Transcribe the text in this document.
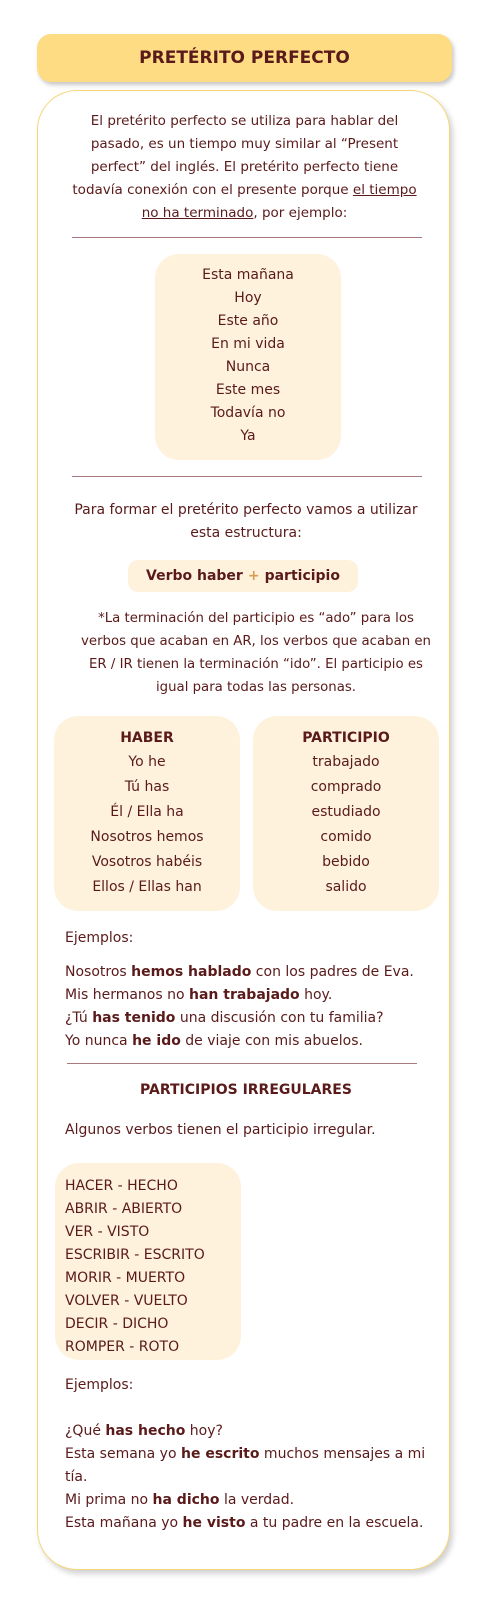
PRETÉRITO PERFECTO
El pretérito perfecto se utiliza para hablar del pasado, es un tiempo muy similar al “Present perfect” del inglés. El pretérito perfecto tiene todavía conexión con el presente porque el tiempo no ha terminado, por ejemplo:
Esta mañana
Hoy
Este año
En mi vida
Nunca
Este mes
Todavía no
Ya
Para formar el pretérito perfecto vamos a utilizar esta estructura:
Verbo haber + participio
*La terminación del participio es “ado” para los verbos que acaban en AR, los verbos que acaban en ER / IR tienen la terminación “ido”. El participio es igual para todas las personas.
HABER
Yo he
Tú has
Él / Ella ha
Nosotros hemos
Vosotros habéis
Ellos / Ellas han
PARTICIPIO
trabajado
comprado
estudiado
comido
bebido
salido
Ejemplos:
Nosotros hemos hablado con los padres de Eva.
Mis hermanos no han trabajado hoy.
¿Tú has tenido una discusión con tu familia?
Yo nunca he ido de viaje con mis abuelos.
PARTICIPIOS IRREGULARES
Algunos verbos tienen el participio irregular.
HACER - HECHO
ABRIR - ABIERTO
VER - VISTO
ESCRIBIR - ESCRITO
MORIR - MUERTO
VOLVER - VUELTO
DECIR - DICHO
ROMPER - ROTO
Ejemplos:
¿Qué has hecho hoy?
Esta semana yo he escrito muchos mensajes a mi tía.
Mi prima no ha dicho la verdad.
Esta mañana yo he visto a tu padre en la escuela.
